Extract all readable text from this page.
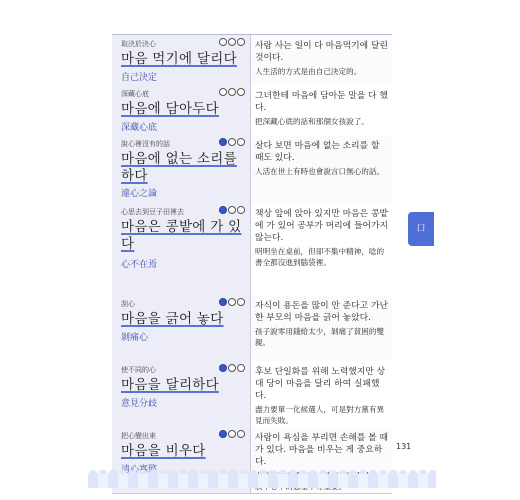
取決於決心
마음 먹기에 달리다
自己決定
사람 사는 일이 다 마음먹기에 달린 것이다.
人生活的方式是由自己決定的。
深藏心底
마음에 담아두다
深藏心底
그녀한테 마음에 담아둔 말을 다 했다.
把深藏心底的話和那個女孩說了。
說心裡沒有的話
마음에 없는 소리를 하다
違心之論
살다 보면 마음에 없는 소리를 할 때도 있다.
人活在世上有時也會說言口無心的話。
心思去到豆子田裡去
마음은 콩밭에 가 있다
心不在焉
책상 앞에 앉아 있지만 마음은 콩밭에 가 있어 공부가 머리에 들어가지 않는다.
明明坐在桌前，但卻不集中精神，唸的書全都沒進到腦袋裡。
刮心
마음을 긁어 놓다
剝痛心
자식이 용돈을 많이 안 준다고 가난한 부모의 마음을 긁어 놓았다.
孩子說零用錢給太少，剝痛了貧困的雙親。
使不同的心
마음을 달리하다
意見分歧
후보 단일화를 위해 노력했지만 상대 당이 마음을 달리 하여 실패했다.
盡力要單一化候選人，可是對方黨有異見而失敗。
把心變出來
마음을 비우다
사람이 욕심을 부리면 손해를 볼 때가 있다. 마음을 비우는 게 중요하다.
口
131
